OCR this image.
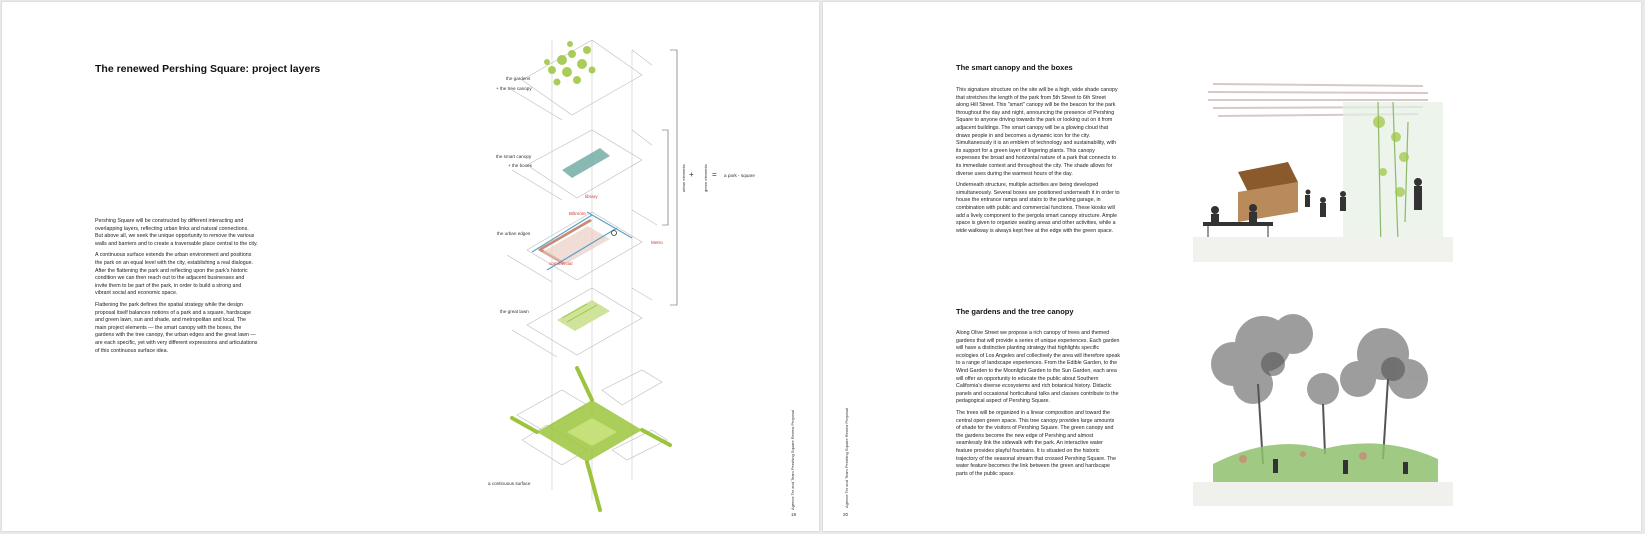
The renewed Pershing Square: project layers

Pershing Square will be constructed by different interacting and overlapping layers, reflecting urban links and natural connections. But above all, we seek the unique opportunity to remove the various walls and barriers and to create a traversable place central to the city.

A continuous surface extends the urban environment and positions the park on an equal level with the city, establishing a real dialogue. After the flattening the park and reflecting upon the park's historic condition we can then reach out to the adjacent businesses and invite them to be part of the park, in order to build a strong and vibrant social and economic space.

Flattening the park defines the spatial strategy while the design proposal itself balances notions of a park and a square, hardscape and green lawn, sun and shade, and metropolitan and local. The main project elements — the smart canopy with the boxes, the gardens with the tree canopy, the urban edges and the great lawn — are each specific, yet with very different expressions and articulations of this continuous surface idea.

the gardens
+ the tree canopy
the smart canopy
+ the boxes
the urban edges
the great lawn
a continuous surface
library
Biltmore
Metro
commercial
urban elements	green elements
+ = a park - square
Agence Ter and Team Pershing Square Renew Proposal
19
Agence Ter and Team Pershing Square Renew Proposal
20
The smart canopy and the boxes

This signature structure on the site will be a high, wide shade canopy that stretches the length of the park from 5th Street to 6th Street along Hill Street. This "smart" canopy will be the beacon for the park throughout the day and night, announcing the presence of Pershing Square to anyone driving towards the park or looking out on it from adjacent buildings. The smart canopy will be a glowing cloud that draws people in and becomes a dynamic icon for the city. Simultaneously it is an emblem of technology and sustainability, with its support for a green layer of lingering plants. This canopy expresses the broad and horizontal nature of a park that connects to its immediate context and throughout the city. The shade allows for diverse uses during the warmest hours of the day.

Underneath structure, multiple activities are being developed simultaneously. Several boxes are positioned underneath it in order to house the entrance ramps and stairs to the parking garage, in combination with public and commercial functions. These kiosks will add a lively component to the pergola smart canopy structure. Ample space is given to organize seating areas and other activities, while a wide walkway is always kept free at the edge with the green space.

The gardens and the tree canopy

Along Olive Street we propose a rich canopy of trees and themed gardens that will provide a series of unique experiences. Each garden will have a distinctive planting strategy that highlights specific ecologies of Los Angeles and collectively the area will therefore speak to a range of landscape experiences. From the Edible Garden, to the Wind Garden to the Moonlight Garden to the Sun Garden, each area will offer an opportunity to educate the public about Southern California's diverse ecosystems and rich botanical history. Didactic panels and occasional horticultural talks and classes contribute to the pedagogical aspect of Pershing Square.

The trees will be organized in a linear composition and toward the central open green space. This tree canopy provides large amounts of shade for the visitors of Pershing Square. The green canopy and the gardens become the new edge of Pershing and almost seamlessly link the sidewalk with the park. An interactive water feature provides playful fountains. It is situated on the historic trajectory of the seasonal stream that crossed Pershing Square. The water feature becomes the link between the green and hardscape parts of the public space.
